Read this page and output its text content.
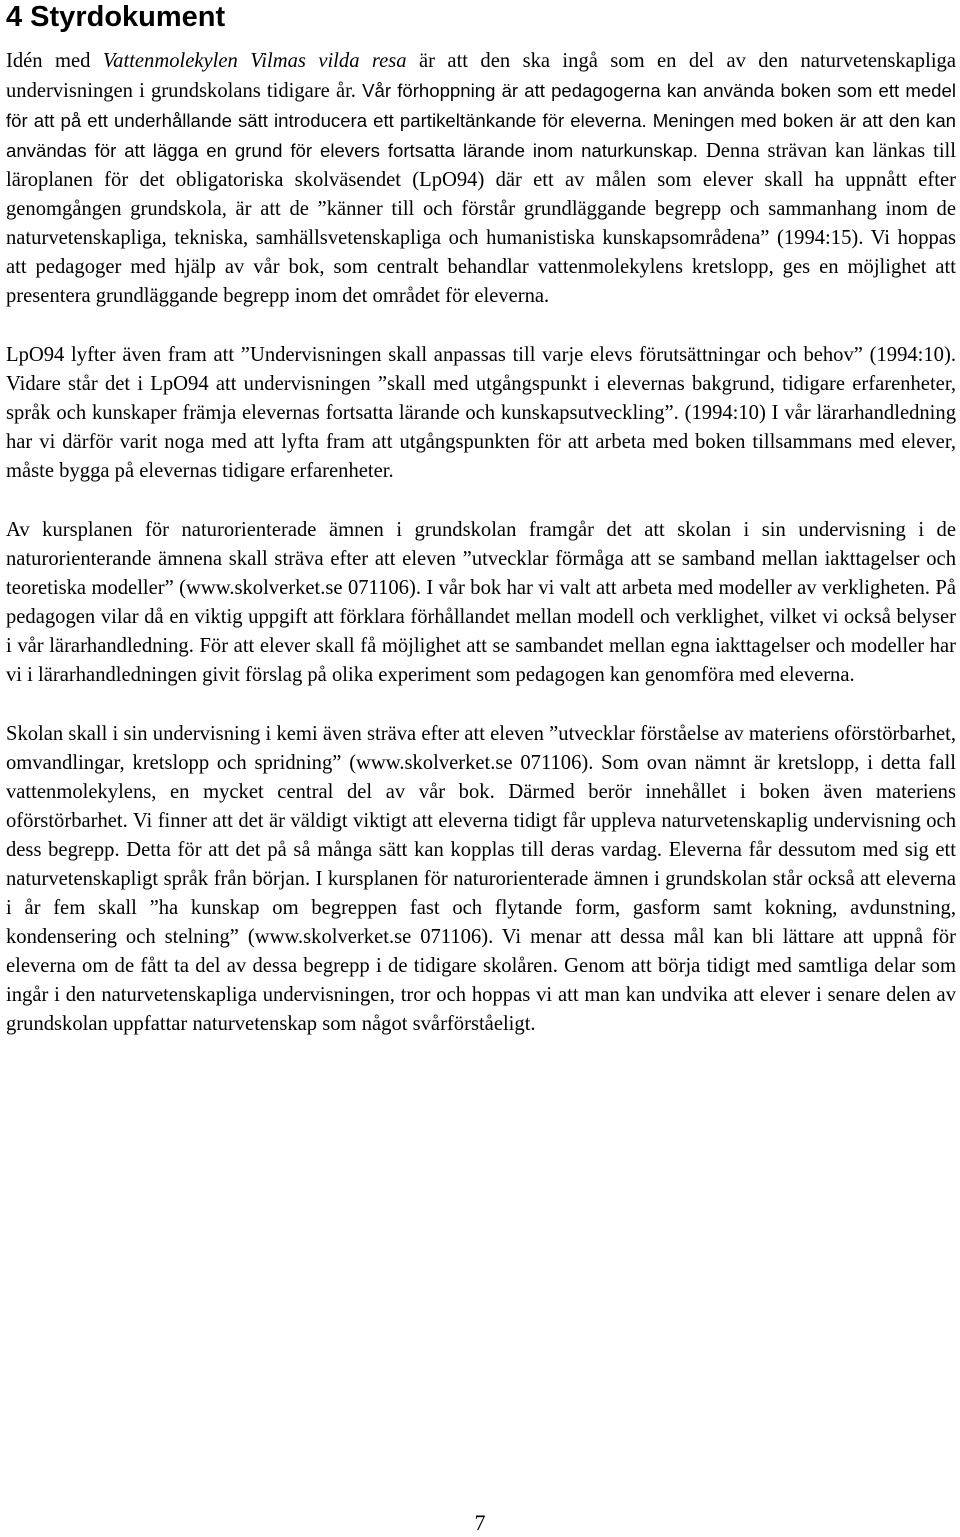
4 Styrdokument

Idén med Vattenmolekylen Vilmas vilda resa är att den ska ingå som en del av den naturvetenskapliga undervisningen i grundskolans tidigare år. Vår förhoppning är att pedagogerna kan använda boken som ett medel för att på ett underhållande sätt introducera ett partikeltänkande för eleverna. Meningen med boken är att den kan användas för att lägga en grund för elevers fortsatta lärande inom naturkunskap. Denna strävan kan länkas till läroplanen för det obligatoriska skolväsendet (LpO94) där ett av målen som elever skall ha uppnått efter genomgången grundskola, är att de ”känner till och förstår grundläggande begrepp och sammanhang inom de naturvetenskapliga, tekniska, samhällsvetenskapliga och humanistiska kunskapsområdena” (1994:15). Vi hoppas att pedagoger med hjälp av vår bok, som centralt behandlar vattenmolekylens kretslopp, ges en möjlighet att presentera grundläggande begrepp inom det området för eleverna.

LpO94 lyfter även fram att ”Undervisningen skall anpassas till varje elevs förutsättningar och behov” (1994:10). Vidare står det i LpO94 att undervisningen ”skall med utgångspunkt i elevernas bakgrund, tidigare erfarenheter, språk och kunskaper främja elevernas fortsatta lärande och kunskapsutveckling”. (1994:10) I vår lärarhandledning har vi därför varit noga med att lyfta fram att utgångspunkten för att arbeta med boken tillsammans med elever, måste bygga på elevernas tidigare erfarenheter.

Av kursplanen för naturorienterade ämnen i grundskolan framgår det att skolan i sin undervisning i de naturorienterande ämnena skall sträva efter att eleven ”utvecklar förmåga att se samband mellan iakttagelser och teoretiska modeller” (www.skolverket.se 071106). I vår bok har vi valt att arbeta med modeller av verkligheten. På pedagogen vilar då en viktig uppgift att förklara förhållandet mellan modell och verklighet, vilket vi också belyser i vår lärarhandledning. För att elever skall få möjlighet att se sambandet mellan egna iakttagelser och modeller har vi i lärarhandledningen givit förslag på olika experiment som pedagogen kan genomföra med eleverna.

Skolan skall i sin undervisning i kemi även sträva efter att eleven ”utvecklar förståelse av materiens oförstörbarhet, omvandlingar, kretslopp och spridning” (www.skolverket.se 071106). Som ovan nämnt är kretslopp, i detta fall vattenmolekylens, en mycket central del av vår bok. Därmed berör innehållet i boken även materiens oförstörbarhet. Vi finner att det är väldigt viktigt att eleverna tidigt får uppleva naturvetenskaplig undervisning och dess begrepp. Detta för att det på så många sätt kan kopplas till deras vardag. Eleverna får dessutom med sig ett naturvetenskapligt språk från början. I kursplanen för naturorienterade ämnen i grundskolan står också att eleverna i år fem skall ”ha kunskap om begreppen fast och flytande form, gasform samt kokning, avdunstning, kondensering och stelning” (www.skolverket.se 071106). Vi menar att dessa mål kan bli lättare att uppnå för eleverna om de fått ta del av dessa begrepp i de tidigare skolåren. Genom att börja tidigt med samtliga delar som ingår i den naturvetenskapliga undervisningen, tror och hoppas vi att man kan undvika att elever i senare delen av grundskolan uppfattar naturvetenskap som något svårförståeligt.

7
